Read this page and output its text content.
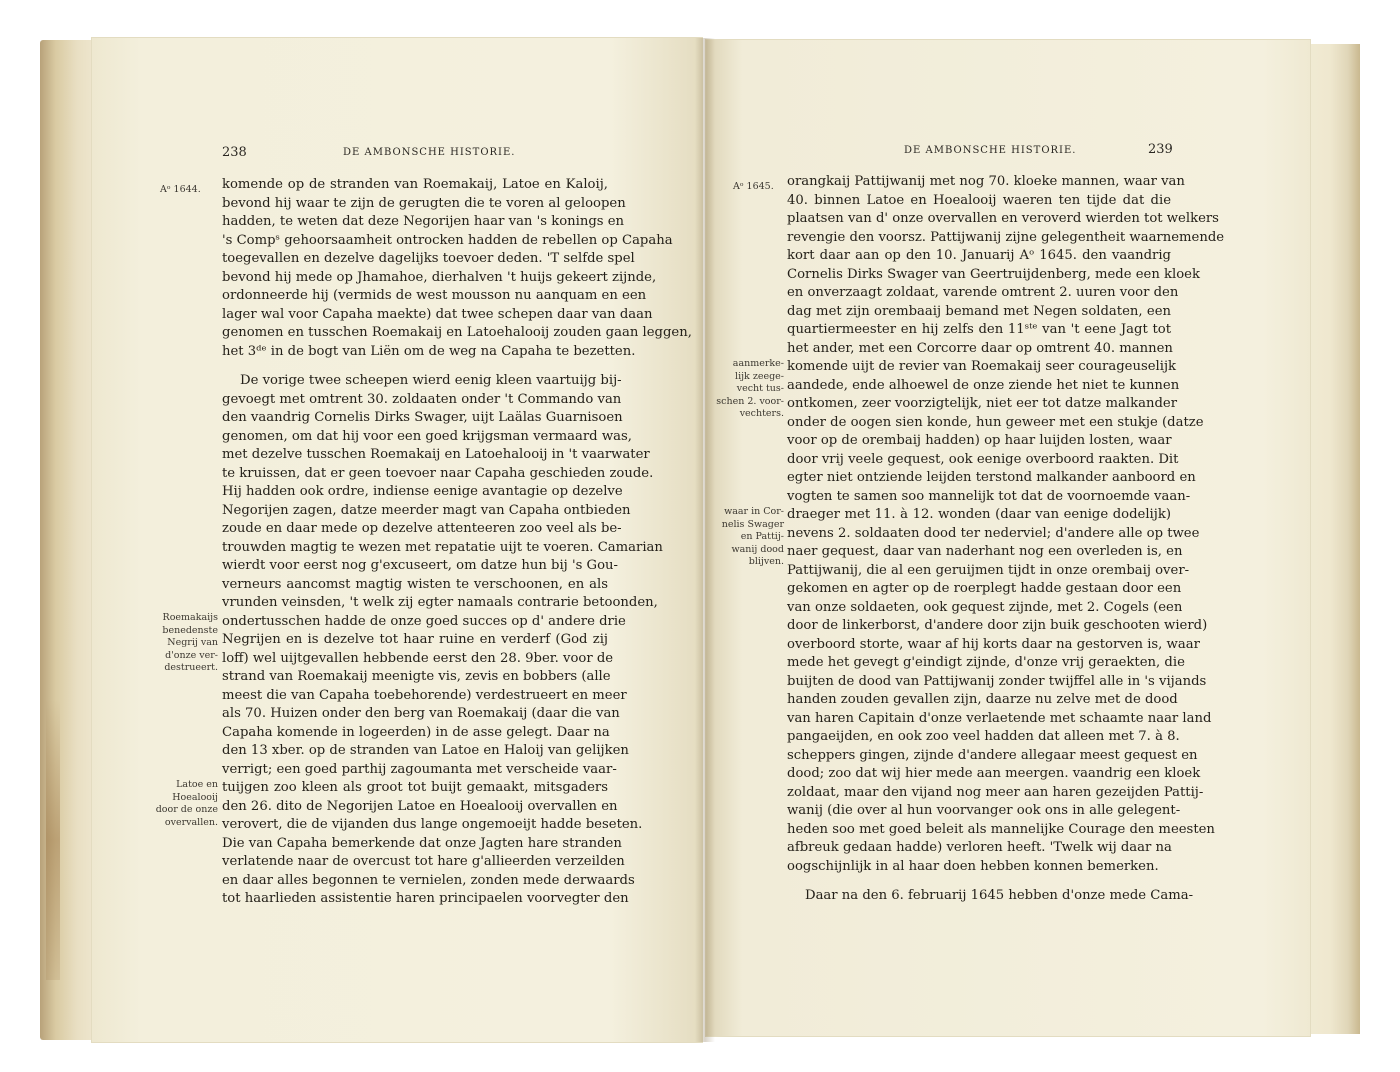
238	DE AMBONSCHE HISTORIE.
Aᵒ 1644. komende op de stranden van Roemakaij, Latoe en Kaloij,
bevond hij waar te zijn de gerugten die te voren al geloopen
hadden, te weten dat deze Negorijen haar van 's konings en
's Compˢ gehoorsaamheit ontrocken hadden de rebellen op Capaha
toegevallen en dezelve dagelijks toevoer deden. 'T selfde spel
bevond hij mede op Jhamahoe, dierhalven 't huijs gekeert zijnde,
ordonneerde hij (vermids de west mousson nu aanquam en een
lager wal voor Capaha maekte) dat twee schepen daar van daan
genomen en tusschen Roemakaij en Latoehalooij zouden gaan leggen,
het 3ᵈᵉ in de bogt van Liën om de weg na Capaha te bezetten.
De vorige twee scheepen wierd eenig kleen vaartuijg bij-
gevoegt met omtrent 30. zoldaaten onder 't Commando van
den vaandrig Cornelis Dirks Swager, uijt Laälas Guarnisoen
genomen, om dat hij voor een goed krijgsman vermaard was,
met dezelve tusschen Roemakaij en Latoehalooij in 't vaarwater
te kruissen, dat er geen toevoer naar Capaha geschieden zoude.
Hij hadden ook ordre, indiense eenige avantagie op dezelve
Negorijen zagen, datze meerder magt van Capaha ontbieden
zoude en daar mede op dezelve attenteeren zoo veel als be-
trouwden magtig te wezen met repatatie uijt te voeren. Camarian
wierdt voor eerst nog g'excuseert, om datze hun bij 's Gou-
verneurs aancomst magtig wisten te verschoonen, en als
vrunden veinsden, 't welk zij egter namaals contrarie betoonden,
ondertusschen hadde de onze goed succes op d' andere drie
Negrijen en is dezelve tot haar ruine en verderf (God zij
loff) wel uijtgevallen hebbende eerst den 28. 9ber. voor de
strand van Roemakaij meenigte vis, zevis en bobbers (alle
meest die van Capaha toebehorende) verdestrueert en meer
als 70. Huizen onder den berg van Roemakaij (daar die van
Capaha komende in logeerden) in de asse gelegt. Daar na
den 13 xber. op de stranden van Latoe en Haloij van gelijken
verrigt; een goed parthij zagoumanta met verscheide vaar-
tuijgen zoo kleen als groot tot buijt gemaakt, mitsgaders
den 26. dito de Negorijen Latoe en Hoealooij overvallen en
verovert, die de vijanden dus lange ongemoeijt hadde beseten.
Die van Capaha bemerkende dat onze Jagten hare stranden
verlatende naar de overcust tot hare g'allieerden verzeilden
en daar alles begonnen te vernielen, zonden mede derwaards
tot haarlieden assistentie haren principaelen voorvegter den
Roemakaijs
benedenste
Negrij van
d'onze ver-
destrueert.
Latoe en
Hoealooij
door de onze
overvallen.
DE AMBONSCHE HISTORIE.	239
Aᵒ 1645. orangkaij Pattijwanij met nog 70. kloeke mannen, waar van
40. binnen Latoe en Hoealooij waeren ten tijde dat die
plaatsen van d' onze overvallen en veroverd wierden tot welkers
revengie den voorsz. Pattijwanij zijne gelegentheit waarnemende
kort daar aan op den 10. Januarij Aᵒ 1645. den vaandrig
Cornelis Dirks Swager van Geertruijdenberg, mede een kloek
en onverzaagt zoldaat, varende omtrent 2. uuren voor den
dag met zijn orembaaij bemand met Negen soldaten, een
quartiermeester en hij zelfs den 11ˢᵗᵉ van 't eene Jagt tot
het ander, met een Corcorre daar op omtrent 40. mannen
komende uijt de revier van Roemakaij seer courageuselijk
aandede, ende alhoewel de onze ziende het niet te kunnen
ontkomen, zeer voorzigtelijk, niet eer tot datze malkander
onder de oogen sien konde, hun geweer met een stukje (datze
voor op de orembaij hadden) op haar luijden losten, waar
door vrij veele gequest, ook eenige overboord raakten. Dit
egter niet ontziende leijden terstond malkander aanboord en
vogten te samen soo mannelijk tot dat de voornoemde vaan-
draeger met 11. à 12. wonden (daar van eenige dodelijk)
nevens 2. soldaaten dood ter nederviel; d'andere alle op twee
naer gequest, daar van naderhant nog een overleden is, en
Pattijwanij, die al een geruijmen tijdt in onze orembaij over-
gekomen en agter op de roerplegt hadde gestaan door een
van onze soldaeten, ook gequest zijnde, met 2. Cogels (een
door de linkerborst, d'andere door zijn buik geschooten wierd)
overboord storte, waar af hij korts daar na gestorven is, waar
mede het gevegt g'eindigt zijnde, d'onze vrij geraekten, die
buijten de dood van Pattijwanij zonder twijffel alle in 's vijands
handen zouden gevallen zijn, daarze nu zelve met de dood
van haren Capitain d'onze verlaetende met schaamte naar land
pangaeijden, en ook zoo veel hadden dat alleen met 7. à 8.
scheppers gingen, zijnde d'andere allegaar meest gequest en
dood; zoo dat wij hier mede aan meergen. vaandrig een kloek
zoldaat, maar den vijand nog meer aan haren gezeijden Pattij-
wanij (die over al hun voorvanger ook ons in alle gelegent-
heden soo met goed beleit als mannelijke Courage den meesten
afbreuk gedaan hadde) verloren heeft. 'Twelk wij daar na
oogschijnlijk in al haar doen hebben konnen bemerken.
Daar na den 6. februarij 1645 hebben d'onze mede Cama-
aanmerke-
lijk zeege-
vecht tus-
schen 2. voor-
vechters.
waar in Cor-
nelis Swager
en Pattij-
wanij dood
blijven.
